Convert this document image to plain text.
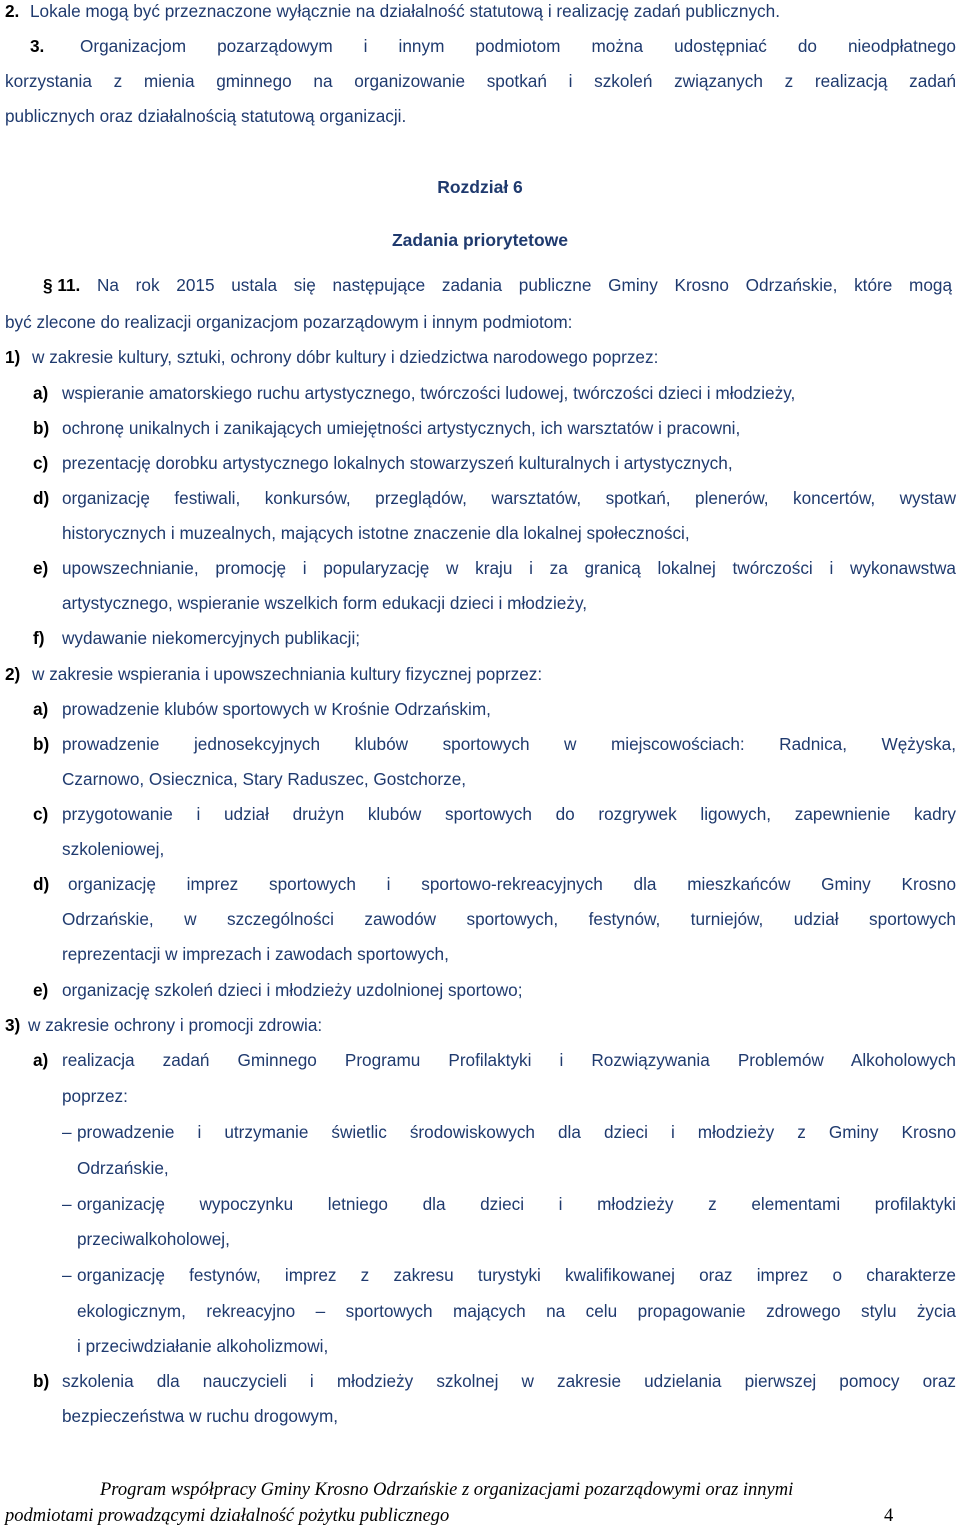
2. Lokale mogą być przeznaczone wyłącznie na działalność statutową i realizację zadań publicznych.
3. Organizacjom pozarządowym i innym podmiotom można udostępniać do nieodpłatnego
korzystania z mienia gminnego na organizowanie spotkań i szkoleń związanych z realizacją zadań
publicznych oraz działalnością statutową organizacji.
Rozdział 6
Zadania priorytetowe
§ 11. Na rok 2015 ustala się następujące zadania publiczne Gminy Krosno Odrzańskie, które mogą
być zlecone do realizacji organizacjom pozarządowym i innym podmiotom:
1) w zakresie kultury, sztuki, ochrony dóbr kultury i dziedzictwa narodowego poprzez:
a) wspieranie amatorskiego ruchu artystycznego, twórczości ludowej, twórczości dzieci i młodzieży,
b) ochronę unikalnych i zanikających umiejętności artystycznych, ich warsztatów i pracowni,
c) prezentację dorobku artystycznego lokalnych stowarzyszeń kulturalnych i artystycznych,
d) organizację festiwali, konkursów, przeglądów, warsztatów, spotkań, plenerów, koncertów, wystaw
historycznych i muzealnych, mających istotne znaczenie dla lokalnej społeczności,
e) upowszechnianie, promocję i popularyzację w kraju i za granicą lokalnej twórczości i wykonawstwa
artystycznego, wspieranie wszelkich form edukacji dzieci i młodzieży,
f) wydawanie niekomercyjnych publikacji;
2) w zakresie wspierania i upowszechniania kultury fizycznej poprzez:
a) prowadzenie klubów sportowych w Krośnie Odrzańskim,
b) prowadzenie jednosekcyjnych klubów sportowych w miejscowościach: Radnica, Wężyska,
Czarnowo, Osiecznica, Stary Raduszec, Gostchorze,
c) przygotowanie i udział drużyn klubów sportowych do rozgrywek ligowych, zapewnienie kadry
szkoleniowej,
d) organizację imprez sportowych i sportowo-rekreacyjnych dla mieszkańców Gminy Krosno
Odrzańskie, w szczególności zawodów sportowych, festynów, turniejów, udział sportowych
reprezentacji w imprezach i zawodach sportowych,
e) organizację szkoleń dzieci i młodzieży uzdolnionej sportowo;
3) w zakresie ochrony i promocji zdrowia:
a) realizacja zadań Gminnego Programu Profilaktyki i Rozwiązywania Problemów Alkoholowych
poprzez:
– prowadzenie i utrzymanie świetlic środowiskowych dla dzieci i młodzieży z Gminy Krosno
Odrzańskie,
– organizację wypoczynku letniego dla dzieci i młodzieży z elementami profilaktyki
przeciwalkoholowej,
– organizację festynów, imprez z zakresu turystyki kwalifikowanej oraz imprez o charakterze
ekologicznym, rekreacyjno – sportowych mających na celu propagowanie zdrowego stylu życia
i przeciwdziałanie alkoholizmowi,
b) szkolenia dla nauczycieli i młodzieży szkolnej w zakresie udzielania pierwszej pomocy oraz
bezpieczeństwa w ruchu drogowym,
Program współpracy Gminy Krosno Odrzańskie z organizacjami pozarządowymi oraz innymi
podmiotami prowadzącymi działalność pożytku publicznego	4
